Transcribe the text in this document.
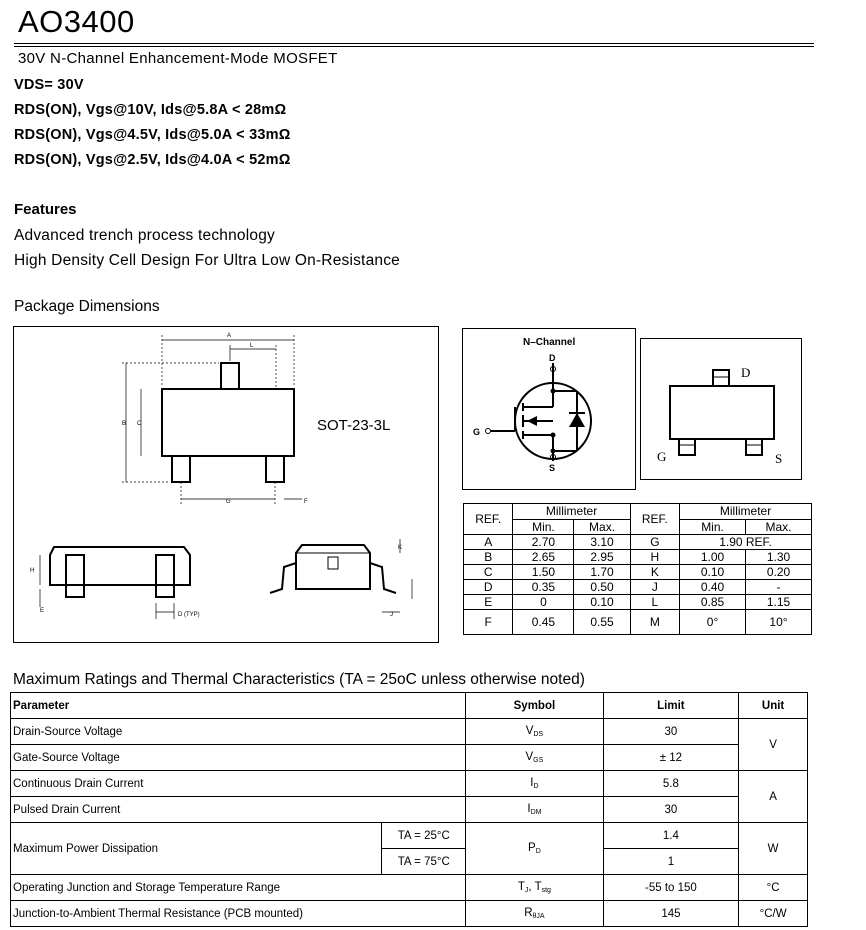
AO3400
30V N-Channel Enhancement-Mode MOSFET
VDS= 30V
RDS(ON), Vgs@10V, Ids@5.8A < 28mΩ
RDS(ON), Vgs@4.5V, Ids@5.0A < 33mΩ
RDS(ON), Vgs@2.5V, Ids@4.0A < 52mΩ
Features
Advanced trench process technology
High Density Cell Design For Ultra Low On-Resistance
Package Dimensions
A
L
B C
G	F
H
E
D (TYP)
K
J
SOT-23-3L
N–Channel
D
G
S
D
G	S
REF.	Millimeter		REF.	Millimeter	
	Min.	Max.		Min.	Max.
A	2.70	3.10	G	1.90 REF.	
B	2.65	2.95	H	1.00	1.30
C	1.50	1.70	K	0.10	0.20
D	0.35	0.50	J	0.40	-
E	0	0.10	L	0.85	1.15
F	0.45	0.55	M	0°	10°
Maximum Ratings and Thermal Characteristics (TA = 25oC unless otherwise noted)
Parameter		Symbol	Limit	Unit
Drain-Source Voltage		$V_{DS}$	30	V
Gate-Source Voltage		$V_{GS}$	± 12	
Continuous Drain Current		$I_D$	5.8	A
Pulsed Drain Current		$I_{DM}$	30	
Maximum Power Dissipation	TA = 25°C	$P_D$	1.4	W
	TA = 75°C		1	
Operating Junction and Storage Temperature Range		$T_J$, $T_{stg}$	-55 to 150	°C
Junction-to-Ambient Thermal Resistance (PCB mounted)		$R_{\theta JA}$	145	°C/W
